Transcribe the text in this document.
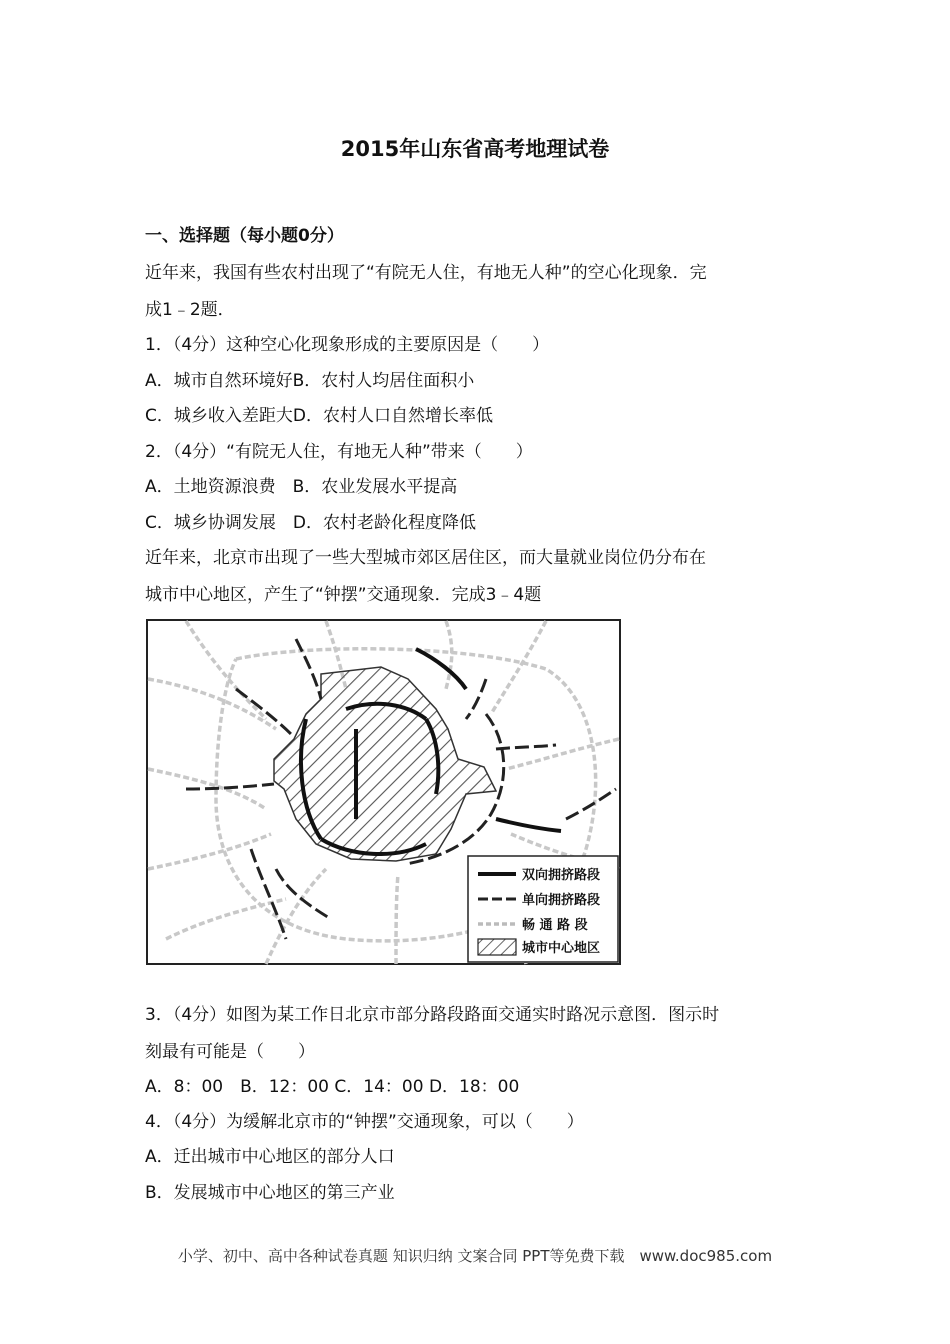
2015年山东省高考地理试卷
一、选择题（每小题0分）
近年来，我国有些农村出现了“有院无人住，有地无人种”的空心化现象．完
成1﹣2题．
1．（4分）这种空心化现象形成的主要原因是（　　）
A．城市自然环境好B．农村人均居住面积小
C．城乡收入差距大D．农村人口自然增长率低
2．（4分）“有院无人住，有地无人种”带来（　　）
A．土地资源浪费　B．农业发展水平提高
C．城乡协调发展　D．农村老龄化程度降低
近年来，北京市出现了一些大型城市郊区居住区，而大量就业岗位仍分布在
城市中心地区，产生了“钟摆”交通现象．完成3﹣4题
双向拥挤路段
单向拥挤路段
畅 通 路 段
城市中心地区
3．（4分）如图为某工作日北京市部分路段路面交通实时路况示意图．图示时
刻最有可能是（　　）
A．8：00　B．12：00 C．14：00 D．18：00
4．（4分）为缓解北京市的“钟摆”交通现象，可以（　　）
A．迁出城市中心地区的部分人口
B．发展城市中心地区的第三产业
小学、初中、高中各种试卷真题 知识归纳 文案合同 PPT等免费下载　www.doc985.com
